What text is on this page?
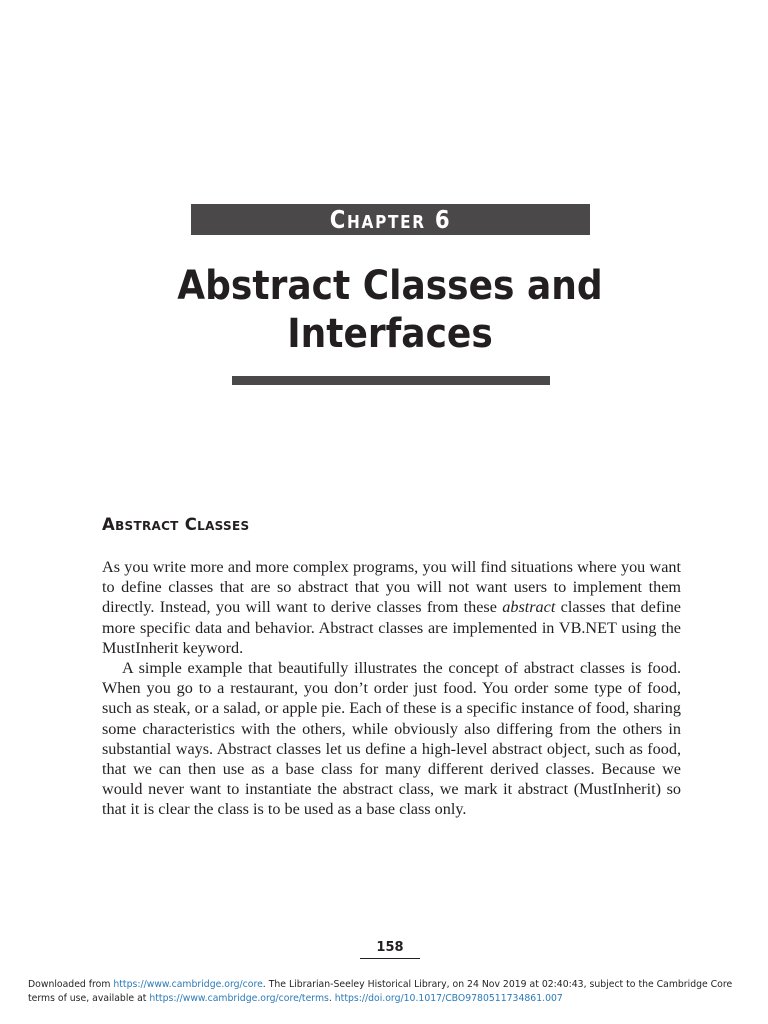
Chapter 6
Abstract Classes and
Interfaces
Abstract Classes

As you write more and more complex programs, you will find situations where you want to define classes that are so abstract that you will not want users to implement them directly. Instead, you will want to derive classes from these abstract classes that define more specific data and behavior. Abstract classes are implemented in VB.NET using the MustInherit keyword.

A simple example that beautifully illustrates the concept of abstract classes is food. When you go to a restaurant, you don’t order just food. You order some type of food, such as steak, or a salad, or apple pie. Each of these is a specific instance of food, sharing some characteristics with the others, while obviously also differing from the others in substantial ways. Abstract classes let us define a high-level abstract object, such as food, that we can then use as a base class for many different derived classes. Because we would never want to instantiate the abstract class, we mark it abstract (MustInherit) so that it is clear the class is to be used as a base class only.

158
Downloaded from https://www.cambridge.org/core. The Librarian-Seeley Historical Library, on 24 Nov 2019 at 02:40:43, subject to the Cambridge Core terms of use, available at https://www.cambridge.org/core/terms. https://doi.org/10.1017/CBO9780511734861.007
